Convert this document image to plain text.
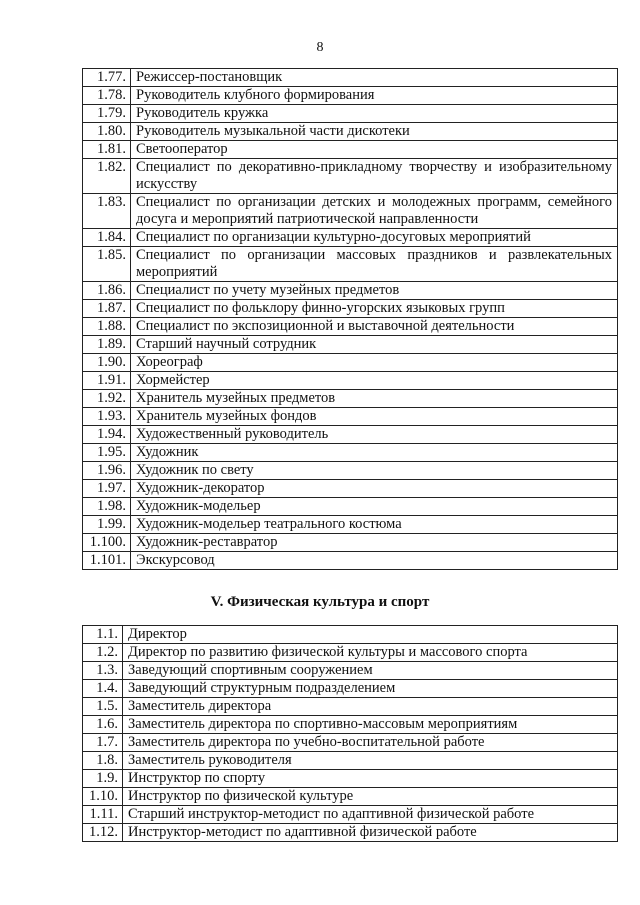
8
1.77.	Режиссер-постановщик
1.78.	Руководитель клубного формирования
1.79.	Руководитель кружка
1.80.	Руководитель музыкальной части дискотеки
1.81.	Светооператор
1.82.	Специалист по декоративно-прикладному творчеству и изобразительному искусству
1.83.	Специалист по организации детских и молодежных программ, семейного досуга и мероприятий патриотической направленности
1.84.	Специалист по организации культурно-досуговых мероприятий
1.85.	Специалист по организации массовых праздников и развлекательных мероприятий
1.86.	Специалист по учету музейных предметов
1.87.	Специалист по фольклору финно-угорских языковых групп
1.88.	Специалист по экспозиционной и выставочной деятельности
1.89.	Старший научный сотрудник
1.90.	Хореограф
1.91.	Хормейстер
1.92.	Хранитель музейных предметов
1.93.	Хранитель музейных фондов
1.94.	Художественный руководитель
1.95.	Художник
1.96.	Художник по свету
1.97.	Художник-декоратор
1.98.	Художник-модельер
1.99.	Художник-модельер театрального костюма
1.100.	Художник-реставратор
1.101.	Экскурсовод
V. Физическая культура и спорт
1.1.	Директор
1.2.	Директор по развитию физической культуры и массового спорта
1.3.	Заведующий спортивным сооружением
1.4.	Заведующий структурным подразделением
1.5.	Заместитель директора
1.6.	Заместитель директора по спортивно-массовым мероприятиям
1.7.	Заместитель директора по учебно-воспитательной работе
1.8.	Заместитель руководителя
1.9.	Инструктор по спорту
1.10.	Инструктор по физической культуре
1.11.	Старший инструктор-методист по адаптивной физической работе
1.12.	Инструктор-методист по адаптивной физической работе
